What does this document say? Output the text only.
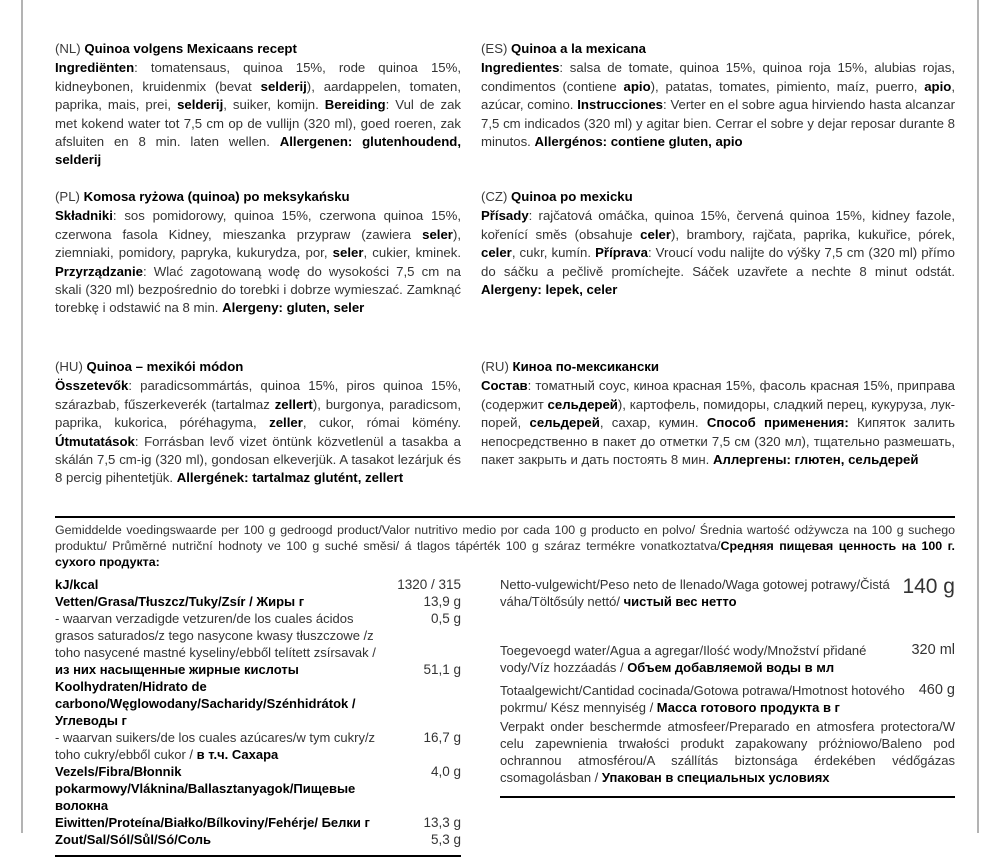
(NL) Quinoa volgens Mexicaans recept
Ingrediënten: tomatensaus, quinoa 15%, rode quinoa 15%, kidneybonen, kruidenmix (bevat selderij), aardappelen, tomaten, paprika, mais, prei, selderij, suiker, komijn. Bereiding: Vul de zak met kokend water tot 7,5 cm op de vullijn (320 ml), goed roeren, zak afsluiten en 8 min. laten wellen. Allergenen: glutenhoudend, selderij
(ES) Quinoa a la mexicana
Ingredientes: salsa de tomate, quinoa 15%, quinoa roja 15%, alubias rojas, condimentos (contiene apio), patatas, tomates, pimiento, maíz, puerro, apio, azúcar, comino. Instrucciones: Verter en el sobre agua hirviendo hasta alcanzar 7,5 cm indicados (320 ml) y agitar bien. Cerrar el sobre y dejar reposar durante 8 minutos. Allergénos: contiene gluten, apio
(PL) Komosa ryżowa (quinoa) po meksykańsku
Składniki: sos pomidorowy, quinoa 15%, czerwona quinoa 15%, czerwona fasola Kidney, mieszanka przypraw (zawiera seler), ziemniaki, pomidory, papryka, kukurydza, por, seler, cukier, kminek. Przyrządzanie: Wlać zagotowaną wodę do wysokości 7,5 cm na skali (320 ml) bezpośrednio do torebki i dobrze wymieszać. Zamknąć torebkę i odstawić na 8 min. Alergeny: gluten, seler
(CZ) Quinoa po mexicku
Přísady: rajčatová omáčka, quinoa 15%, červená quinoa 15%, kidney fazole, kořenící směs (obsahuje celer), brambory, rajčata, paprika, kukuřice, pórek, celer, cukr, kumín. Příprava: Vroucí vodu nalijte do výšky 7,5 cm (320 ml) přímo do sáčku a pečlivě promíchejte. Sáček uzavřete a nechte 8 minut odstát. Alergeny: lepek, celer
(HU) Quinoa – mexikói módon
Összetevők: paradicsommártás, quinoa 15%, piros quinoa 15%, szárazbab, fűszerkeverék (tartalmaz zellert), burgonya, paradicsom, paprika, kukorica, póréhagyma, zeller, cukor, római kömény. Útmutatások: Forrásban levő vizet öntünk közvetlenül a tasakba a skálán 7,5 cm-ig (320 ml), gondosan elkeverjük. A tasakot lezárjuk és 8 percig pihentetjük. Allergének: tartalmaz glutént, zellert
(RU) Киноа по-мексикански
Состав: томатный соус, киноа красная 15%, фасоль красная 15%, приправа (содержит сельдерей), картофель, помидоры, сладкий перец, кукуруза, лук-порей, сельдерей, сахар, кумин. Способ применения: Кипяток залить непосредственно в пакет до отметки 7,5 см (320 мл), тщательно размешать, пакет закрыть и дать постоять 8 мин. Аллергены: глютен, сельдерей
Gemiddelde voedingswaarde per 100 g gedroogd product/Valor nutritivo medio por cada 100 g producto en polvo/ Średnia wartość odżywcza na 100 g suchego produktu/ Průměrné nutriční hodnoty ve 100 g suché směsi/ á tlagos tápérték 100 g száraz termékre vonatkoztatva/Средняя пищевая ценность на 100 г. сухого продукта:
kJ/kcal	1320 / 315
Vetten/Grasa/Tłuszcz/Tuky/Zsír / Жиры г	13,9 g
- waarvan verzadigde vetzuren/de los cuales ácidos grasos saturados/z tego nasycone kwasy tłuszczowe /z toho nasycené mastné kyseliny/ebből telített zsírsavak / из них насыщенные жирные кислоты
0,5 g
Koolhydraten/Hidrato de carbono/Węglowodany/Sacharidy/Szénhidrátok / Углеводы г
51,1 g
- waarvan suikers/de los cuales azúcares/w tym cukry/z toho cukry/ebből cukor / в т.ч. Сахара
16,7 g
Vezels/Fibra/Błonnik pokarmowy/Vláknina/Ballasztanyagok/Пищевые волокна
4,0 g
Eiwitten/Proteína/Białko/Bílkoviny/Fehérje/ Белки г	13,3 g
Zout/Sal/Sól/Sůl/Só/Соль	5,3 g
Netto-vulgewicht/Peso neto de llenado/Waga gotowej potrawy/Čistá váha/Töltősúly nettó/ чистый вес нетто
140 g
Toegevoegd water/Agua a agregar/Ilość wody/Množství přidané vody/Víz hozzáadás / Объем добавляемой воды в мл
320 ml
Totaalgewicht/Cantidad cocinada/Gotowa potrawa/Hmotnost hotového pokrmu/ Kész mennyiség / Масса готового продукта в г
460 g
Verpakt onder beschermde atmosfeer/Preparado en atmosfera protectora/W celu zapewnienia trwałości produkt zapakowany próżniowo/Baleno pod ochrannou atmosférou/A szállítás biztonsága érdekében védőgázas csomagolásban / Упакован в специальных условиях
